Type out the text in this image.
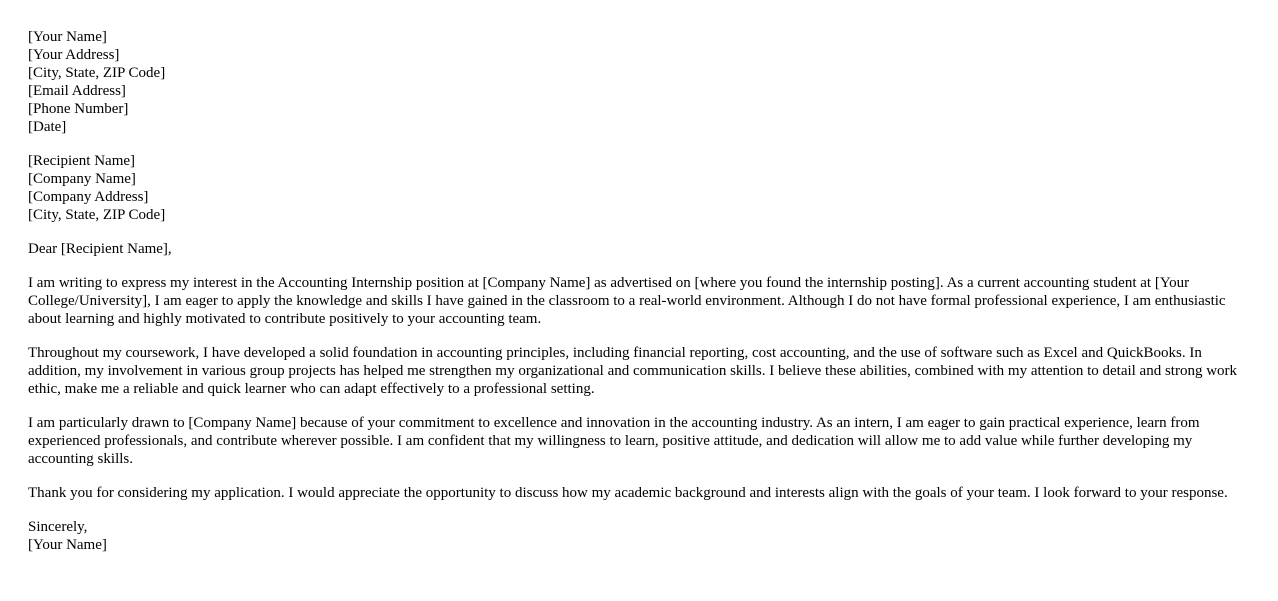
[Your Name]
[Your Address]
[City, State, ZIP Code]
[Email Address]
[Phone Number]
[Date]
[Recipient Name]
[Company Name]
[Company Address]
[City, State, ZIP Code]

Dear [Recipient Name],

I am writing to express my interest in the Accounting Internship position at [Company Name] as advertised on [where you found the internship posting]. As a current accounting student at [Your College/University], I am eager to apply the knowledge and skills I have gained in the classroom to a real-world environment. Although I do not have formal professional experience, I am enthusiastic about learning and highly motivated to contribute positively to your accounting team.

Throughout my coursework, I have developed a solid foundation in accounting principles, including financial reporting, cost accounting, and the use of software such as Excel and QuickBooks. In addition, my involvement in various group projects has helped me strengthen my organizational and communication skills. I believe these abilities, combined with my attention to detail and strong work ethic, make me a reliable and quick learner who can adapt effectively to a professional setting.

I am particularly drawn to [Company Name] because of your commitment to excellence and innovation in the accounting industry. As an intern, I am eager to gain practical experience, learn from experienced professionals, and contribute wherever possible. I am confident that my willingness to learn, positive attitude, and dedication will allow me to add value while further developing my accounting skills.

Thank you for considering my application. I would appreciate the opportunity to discuss how my academic background and interests align with the goals of your team. I look forward to your response.

Sincerely,
[Your Name]
